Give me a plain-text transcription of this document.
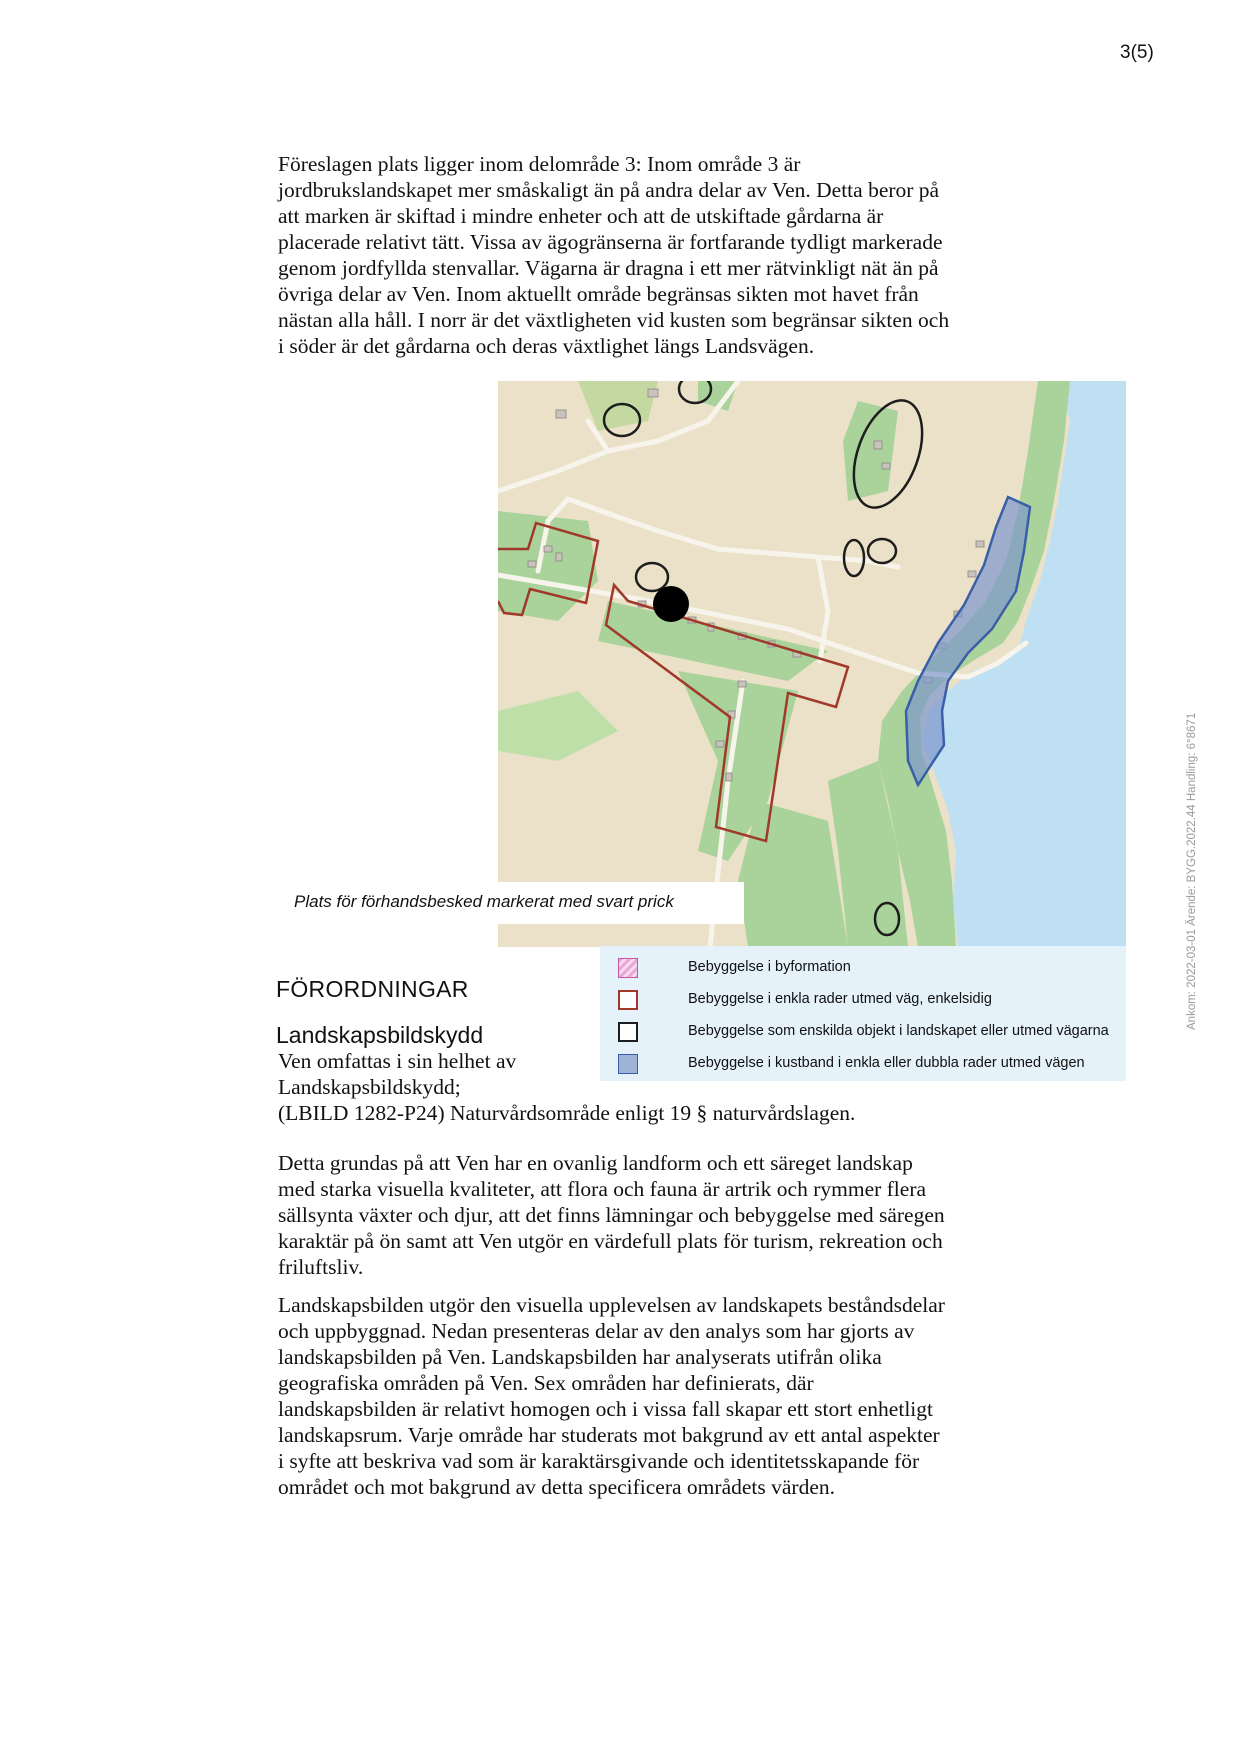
3(5)
Föreslagen plats ligger inom delområde 3: Inom område 3 är
jordbrukslandskapet mer småskaligt än på andra delar av Ven. Detta beror på
att marken är skiftad i mindre enheter och att de utskiftade gårdarna är
placerade relativt tätt. Vissa av ägogränserna är fortfarande tydligt markerade
genom jordfyllda stenvallar. Vägarna är dragna i ett mer rätvinkligt nät än på
övriga delar av Ven. Inom aktuellt område begränsas sikten mot havet från
nästan alla håll. I norr är det växtligheten vid kusten som begränsar sikten och
i söder är det gårdarna och deras växtlighet längs Landsvägen.
Plats för förhandsbesked markerat med svart prick
Bebyggelse i byformation
Bebyggelse i enkla rader utmed väg, enkelsidig
Bebyggelse som enskilda objekt i landskapet eller utmed vägarna
Bebyggelse i kustband i enkla eller dubbla rader utmed vägen
FÖRORDNINGAR
Landskapsbildskydd
Ven omfattas i sin helhet av
Landskapsbildskydd;
(LBILD 1282-P24) Naturvårdsområde enligt 19 § naturvårdslagen.
Detta grundas på att Ven har en ovanlig landform och ett säreget landskap
med starka visuella kvaliteter, att flora och fauna är artrik och rymmer flera
sällsynta växter och djur, att det finns lämningar och bebyggelse med säregen
karaktär på ön samt att Ven utgör en värdefull plats för turism, rekreation och
friluftsliv.
Landskapsbilden utgör den visuella upplevelsen av landskapets beståndsdelar
och uppbyggnad. Nedan presenteras delar av den analys som har gjorts av
landskapsbilden på Ven. Landskapsbilden har analyserats utifrån olika
geografiska områden på Ven. Sex områden har definierats, där
landskapsbilden är relativt homogen och i vissa fall skapar ett stort enhetligt
landskapsrum. Varje område har studerats mot bakgrund av ett antal aspekter
i syfte att beskriva vad som är karaktärsgivande och identitetsskapande för
området och mot bakgrund av detta specificera områdets värden.
Ankom: 2022-03-01 Ärende: BYGG.2022.44 Handling: 6°8671
